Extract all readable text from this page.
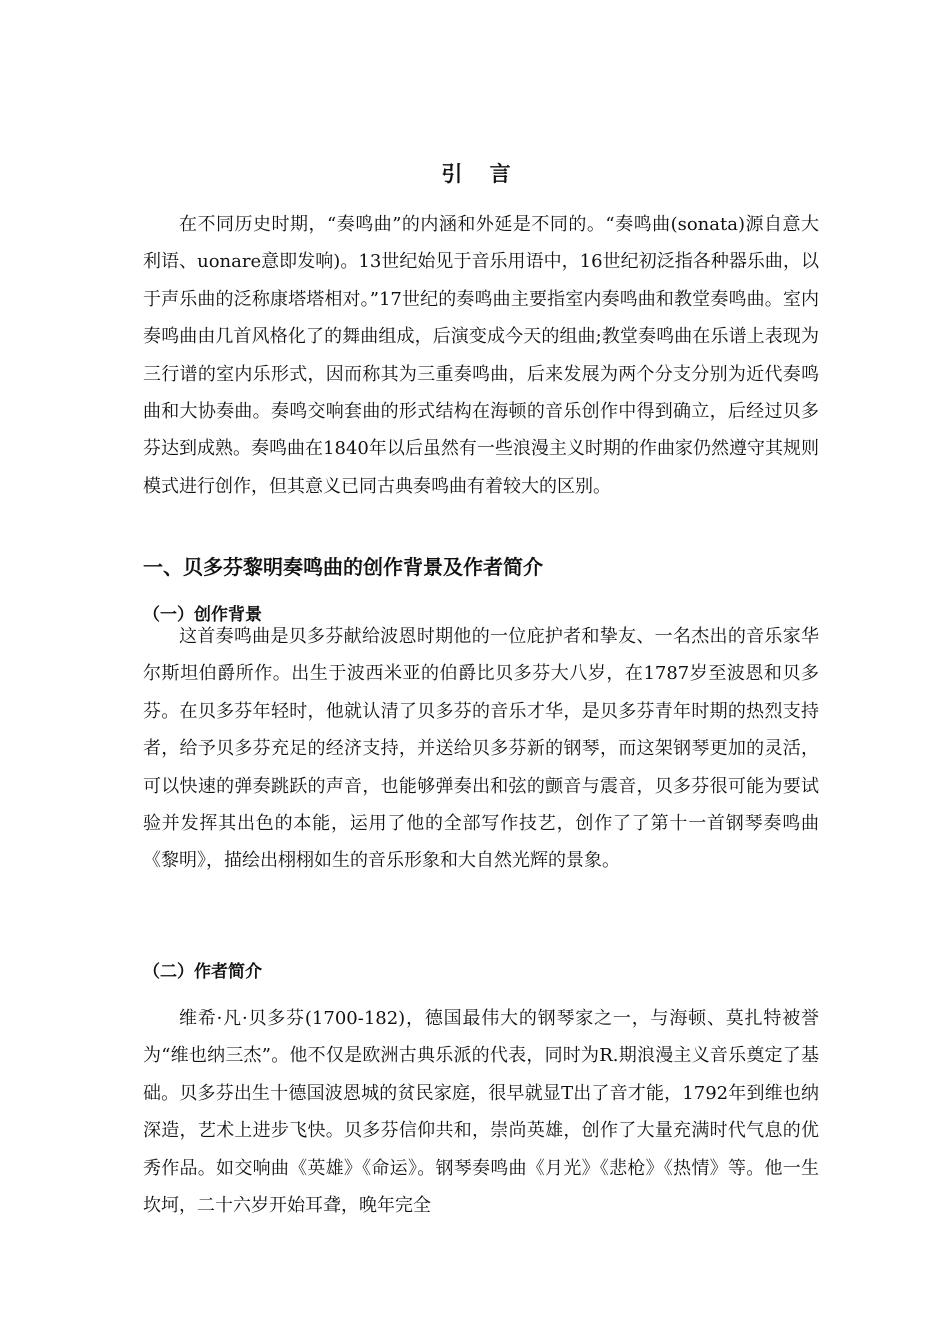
引 言

在不同历史时期，“奏鸣曲”的内涵和外延是不同的。“奏鸣曲(sonata)源自意大利语、uonare意即发响)。13世纪始见于音乐用语中，16世纪初泛指各种器乐曲，以于声乐曲的泛称康塔塔相对。”17世纪的奏鸣曲主要指室内奏鸣曲和教堂奏鸣曲。室内奏鸣曲由几首风格化了的舞曲组成，后演变成今天的组曲;教堂奏鸣曲在乐谱上表现为三行谱的室内乐形式，因而称其为三重奏鸣曲，后来发展为两个分支分别为近代奏鸣曲和大协奏曲。奏鸣交响套曲的形式结构在海顿的音乐创作中得到确立，后经过贝多芬达到成熟。奏鸣曲在1840年以后虽然有一些浪漫主义时期的作曲家仍然遵守其规则模式进行创作，但其意义已同古典奏鸣曲有着较大的区别。

一、贝多芬黎明奏鸣曲的创作背景及作者简介
（一）创作背景

这首奏鸣曲是贝多芬献给波恩时期他的一位庇护者和挚友、一名杰出的音乐家华尔斯坦伯爵所作。出生于波西米亚的伯爵比贝多芬大八岁，在1787岁至波恩和贝多芬。在贝多芬年轻时，他就认清了贝多芬的音乐才华，是贝多芬青年时期的热烈支持者，给予贝多芬充足的经济支持，并送给贝多芬新的钢琴，而这架钢琴更加的灵活，可以快速的弹奏跳跃的声音，也能够弹奏出和弦的颤音与震音，贝多芬很可能为要试验并发挥其出色的本能，运用了他的全部写作技艺，创作了了第十一首钢琴奏鸣曲《黎明》，描绘出栩栩如生的音乐形象和大自然光辉的景象。

（二）作者简介

维希·凡·贝多芬(1700-182)，德国最伟大的钢琴家之一，与海顿、莫扎特被誉为“维也纳三杰”。他不仅是欧洲古典乐派的代表，同时为R.期浪漫主义音乐奠定了基础。贝多芬出生十德国波恩城的贫民家庭，很早就显T出了音才能，1792年到维也纳深造，艺术上进步飞快。贝多芬信仰共和，崇尚英雄，创作了大量充满时代气息的优秀作品。如交响曲《英雄》《命运》。钢琴奏鸣曲《月光》《悲枪》《热情》等。他一生坎坷，二十六岁开始耳聋，晚年完全
